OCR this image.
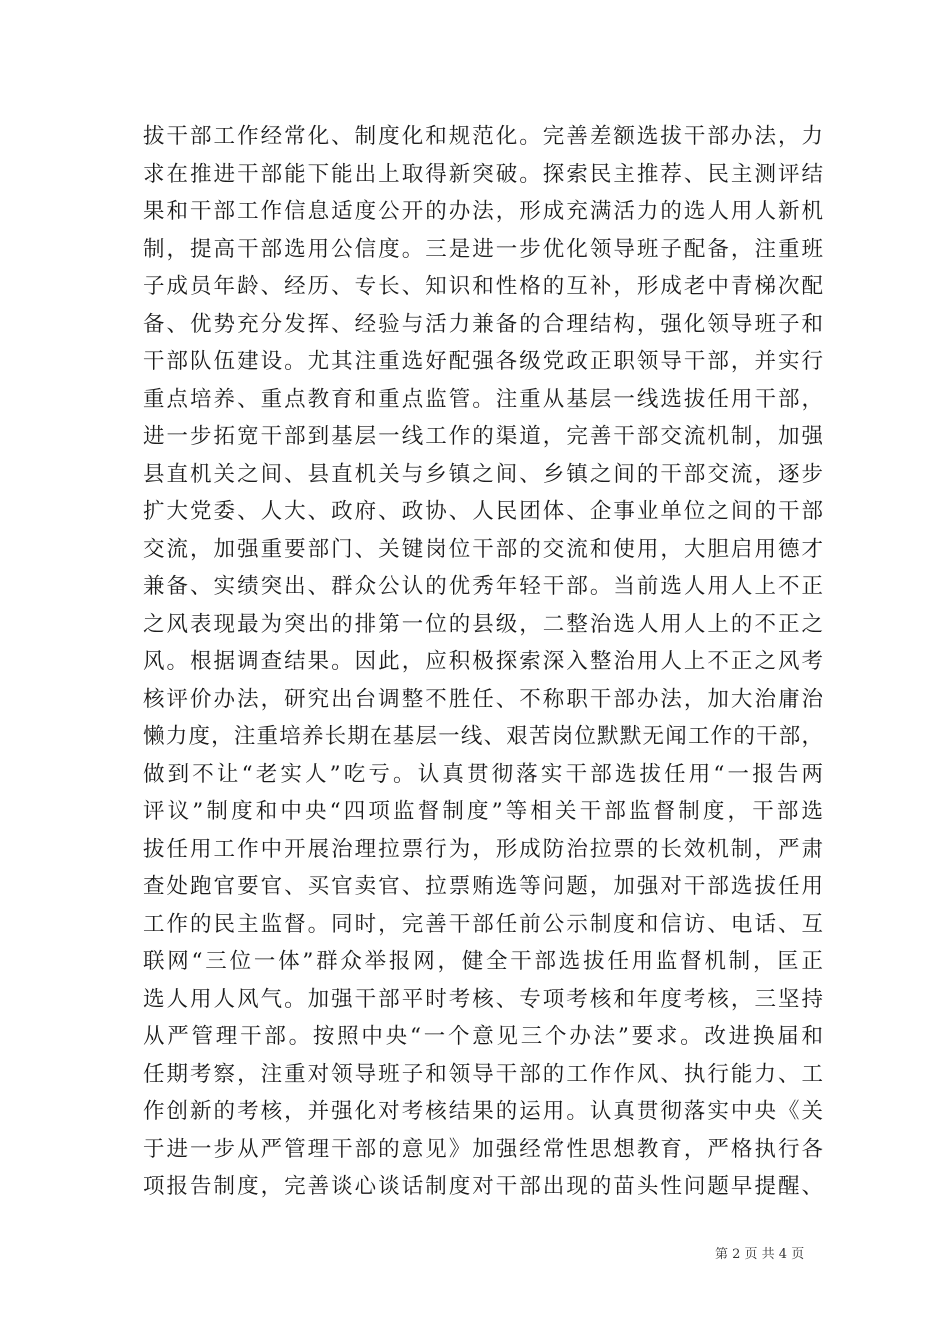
拔干部工作经常化、制度化和规范化。完善差额选拔干部办法，力
求在推进干部能下能出上取得新突破。探索民主推荐、民主测评结
果和干部工作信息适度公开的办法，形成充满活力的选人用人新机
制，提高干部选用公信度。三是进一步优化领导班子配备，注重班
子成员年龄、经历、专长、知识和性格的互补，形成老中青梯次配
备、优势充分发挥、经验与活力兼备的合理结构，强化领导班子和
干部队伍建设。尤其注重选好配强各级党政正职领导干部，并实行
重点培养、重点教育和重点监管。注重从基层一线选拔任用干部，
进一步拓宽干部到基层一线工作的渠道，完善干部交流机制，加强
县直机关之间、县直机关与乡镇之间、乡镇之间的干部交流，逐步
扩大党委、人大、政府、政协、人民团体、企事业单位之间的干部
交流，加强重要部门、关键岗位干部的交流和使用，大胆启用德才
兼备、实绩突出、群众公认的优秀年轻干部。当前选人用人上不正
之风表现最为突出的排第一位的县级，二整治选人用人上的不正之
风。根据调查结果。因此，应积极探索深入整治用人上不正之风考
核评价办法，研究出台调整不胜任、不称职干部办法，加大治庸治
懒力度，注重培养长期在基层一线、艰苦岗位默默无闻工作的干部，
做到不让“老实人”吃亏。认真贯彻落实干部选拔任用“一报告两
评议”制度和中央“四项监督制度”等相关干部监督制度，干部选
拔任用工作中开展治理拉票行为，形成防治拉票的长效机制，严肃
查处跑官要官、买官卖官、拉票贿选等问题，加强对干部选拔任用
工作的民主监督。同时，完善干部任前公示制度和信访、电话、互
联网“三位一体”群众举报网，健全干部选拔任用监督机制，匡正
选人用人风气。加强干部平时考核、专项考核和年度考核，三坚持
从严管理干部。按照中央“一个意见三个办法”要求。改进换届和
任期考察，注重对领导班子和领导干部的工作作风、执行能力、工
作创新的考核，并强化对考核结果的运用。认真贯彻落实中央《关
于进一步从严管理干部的意见》加强经常性思想教育，严格执行各
项报告制度，完善谈心谈话制度对干部出现的苗头性问题早提醒、
第 2 页 共 4 页
